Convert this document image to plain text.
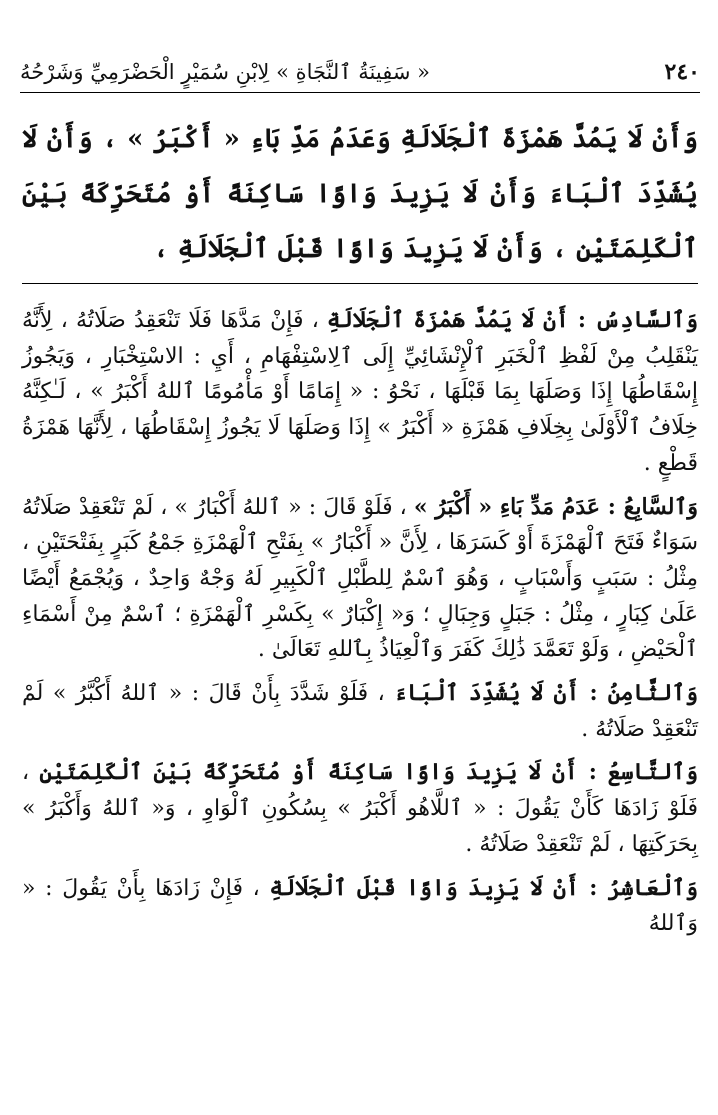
٢٤٠
« سَفِينَةُ ٱلنَّجَاةِ » لِابْنِ سُمَيْرٍ الْحَضْرَمِيِّ وَشَرْحُهُ
وَأَنْ لَا يَمُدَّ هَمْزَةَ ٱلْجَلَالَةِ وَعَدَمُ مَدِّ بَاءِ « أَكْبَرُ » ، وَأَنْ لَا يُشَدِّدَ ٱلْبَاءَ وَأَنْ لَا يَزِيدَ وَاوًا سَاكِنَةً أَوْ مُتَحَرِّكَةً بَيْنَ ٱلْكَلِمَتَيْنِ ، وَأَنْ لَا يَزِيدَ وَاوًا قَبْلَ ٱلْجَلَالَةِ ،

وَٱلسَّادِسُ : أَنْ لَا يَمُدَّ هَمْزَةَ ٱلْجَلَالَةِ ، فَإِنْ مَدَّهَا فَلَا تَنْعَقِدُ صَلَاتُهُ ، لِأَنَّهُ يَنْقَلِبُ مِنْ لَفْظِ ٱلْخَبَرِ ٱلْإِنْشَائِيِّ إِلَى ٱلِاسْتِفْهَامِ ، أَيِ : الاسْتِخْبَارِ ، وَيَجُوزُ إِسْقَاطُهَا إِذَا وَصَلَهَا بِمَا قَبْلَهَا ، نَحْوُ : « إِمَامًا أَوْ مَأْمُومًا ٱللهُ أَكْبَرُ » ، لَـٰكِنَّهُ خِلَافُ ٱلْأَوْلَىٰ بِخِلَافِ هَمْزَةِ « أَكْبَرُ » إِذَا وَصَلَهَا لَا يَجُوزُ إِسْقَاطُهَا ، لِأَنَّهَا هَمْزَةُ قَطْعٍ .

وَٱلسَّابِعُ : عَدَمُ مَدِّ بَاءِ « أَكْبَرُ » ، فَلَوْ قَالَ : « ٱللهُ أَكْبَارُ » ، لَمْ تَنْعَقِدْ صَلَاتُهُ سَوَاءٌ فَتَحَ ٱلْهَمْزَةَ أَوْ كَسَرَهَا ، لِأَنَّ « أَكْبَارُ » بِفَتْحِ ٱلْهَمْزَةِ جَمْعُ كَبَرٍ بِفَتْحَتَيْنِ ، مِثْلُ : سَبَبٍ وَأَسْبَابٍ ، وَهُوَ ٱسْمٌ لِلطَّبْلِ ٱلْكَبِيرِ لَهُ وَجْهٌ وَاحِدٌ ، وَيُجْمَعُ أَيْضًا عَلَىٰ كِبَارٍ ، مِثْلُ : جَبَلٍ وَجِبَالٍ ؛ وَ« إِكْبَارٌ » بِكَسْرِ ٱلْهَمْزَةِ ؛ ٱسْمٌ مِنْ أَسْمَاءِ ٱلْحَيْضِ ، وَلَوْ تَعَمَّدَ ذَٰلِكَ كَفَرَ وَٱلْعِيَاذُ بِٱللهِ تَعَالَىٰ .

وَٱلثَّامِنُ : أَنْ لَا يُشَدِّدَ ٱلْبَاءَ ، فَلَوْ شَدَّدَ بِأَنْ قَالَ : « ٱللهُ أَكْبَّرُ » لَمْ تَنْعَقِدْ صَلَاتُهُ .

وَٱلتَّاسِعُ : أَنْ لَا يَزِيدَ وَاوًا سَاكِنَةً أَوْ مُتَحَرِّكَةً بَيْنَ ٱلْكَلِمَتَيْنِ ، فَلَوْ زَادَهَا كَأَنْ يَقُولَ : « ٱللَّاهُو أَكْبَرُ » بِسُكُونِ ٱلْوَاوِ ، وَ« ٱللهُ وَأَكْبَرُ » بِحَرَكَتِهَا ، لَمْ تَنْعَقِدْ صَلَاتُهُ .

وَٱلْعَاشِرُ : أَنْ لَا يَزِيدَ وَاوًا قَبْلَ ٱلْجَلَالَةِ ، فَإِنْ زَادَهَا بِأَنْ يَقُولَ : « وَٱللهُ
